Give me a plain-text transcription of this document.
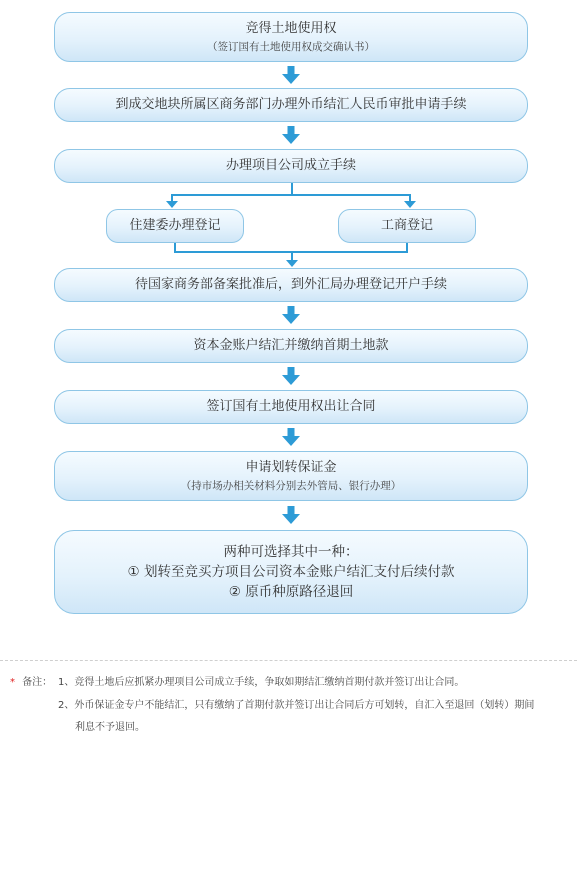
竞得土地使用权
（签订国有土地使用权成交确认书）
到成交地块所属区商务部门办理外币结汇人民币审批申请手续
办理项目公司成立手续
住建委办理登记	工商登记
待国家商务部备案批准后，到外汇局办理登记开户手续
资本金账户结汇并缴纳首期土地款
签订国有土地使用权出让合同
申请划转保证金
（持市场办相关材料分别去外管局、银行办理）
两种可选择其中一种：
① 划转至竞买方项目公司资本金账户结汇支付后续付款
② 原币种原路径退回
* 备注： 1、竞得土地后应抓紧办理项目公司成立手续，争取如期结汇缴纳首期付款并签订出让合同。
2、外币保证金专户不能结汇，只有缴纳了首期付款并签订出让合同后方可划转，自汇入至退回（划转）期间
利息不予退回。
